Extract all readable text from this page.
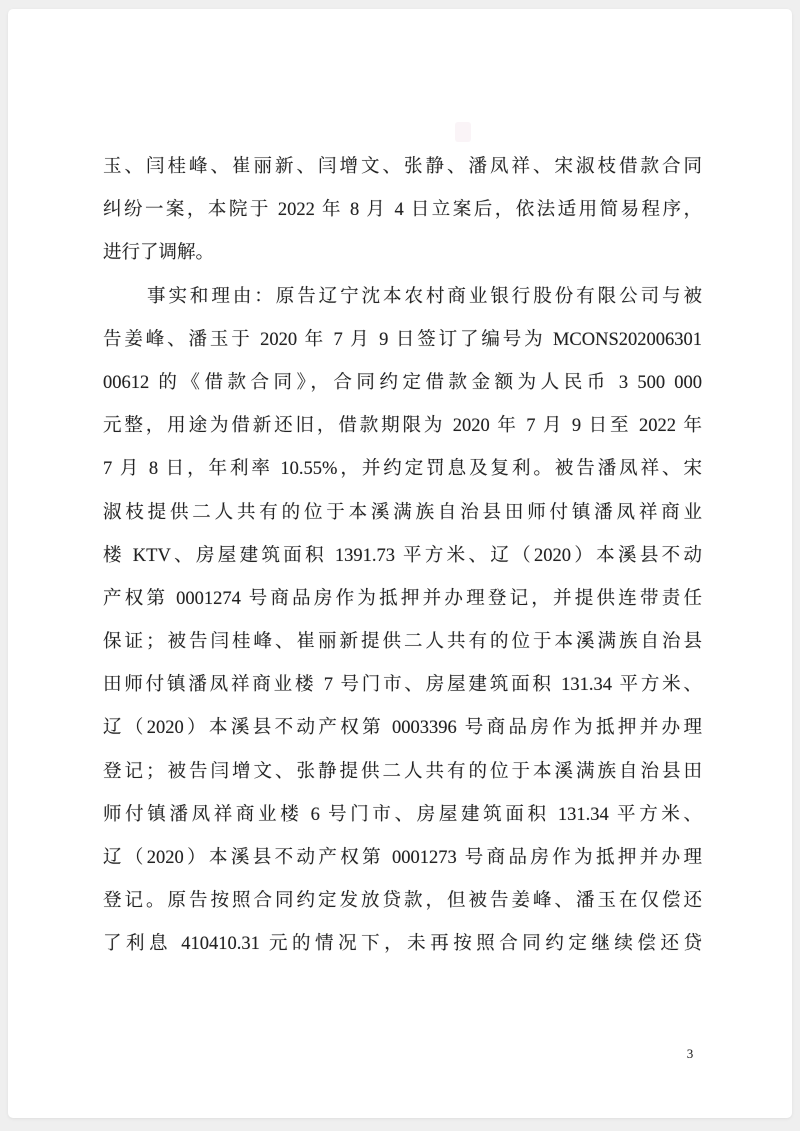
玉、闫桂峰、崔丽新、闫增文、张静、潘凤祥、宋淑枝借款合同
纠纷一案，本院于 2022 年 8 月 4 日立案后，依法适用简易程序，
进行了调解。
事实和理由：原告辽宁沈本农村商业银行股份有限公司与被
告姜峰、潘玉于 2020 年 7 月 9 日签订了编号为 MCONS202006301
00612 的《借款合同》，合同约定借款金额为人民币 3 500 000
元整，用途为借新还旧，借款期限为 2020 年 7 月 9 日至 2022 年
7 月 8 日，年利率 10.55%，并约定罚息及复利。被告潘凤祥、宋
淑枝提供二人共有的位于本溪满族自治县田师付镇潘凤祥商业
楼 KTV、房屋建筑面积 1391.73 平方米、辽（2020）本溪县不动
产权第 0001274 号商品房作为抵押并办理登记，并提供连带责任
保证；被告闫桂峰、崔丽新提供二人共有的位于本溪满族自治县
田师付镇潘凤祥商业楼 7 号门市、房屋建筑面积 131.34 平方米、
辽（2020）本溪县不动产权第 0003396 号商品房作为抵押并办理
登记；被告闫增文、张静提供二人共有的位于本溪满族自治县田
师付镇潘凤祥商业楼 6 号门市、房屋建筑面积 131.34 平方米、
辽（2020）本溪县不动产权第 0001273 号商品房作为抵押并办理
登记。原告按照合同约定发放贷款，但被告姜峰、潘玉在仅偿还
了利息 410410.31 元的情况下，未再按照合同约定继续偿还贷
3
